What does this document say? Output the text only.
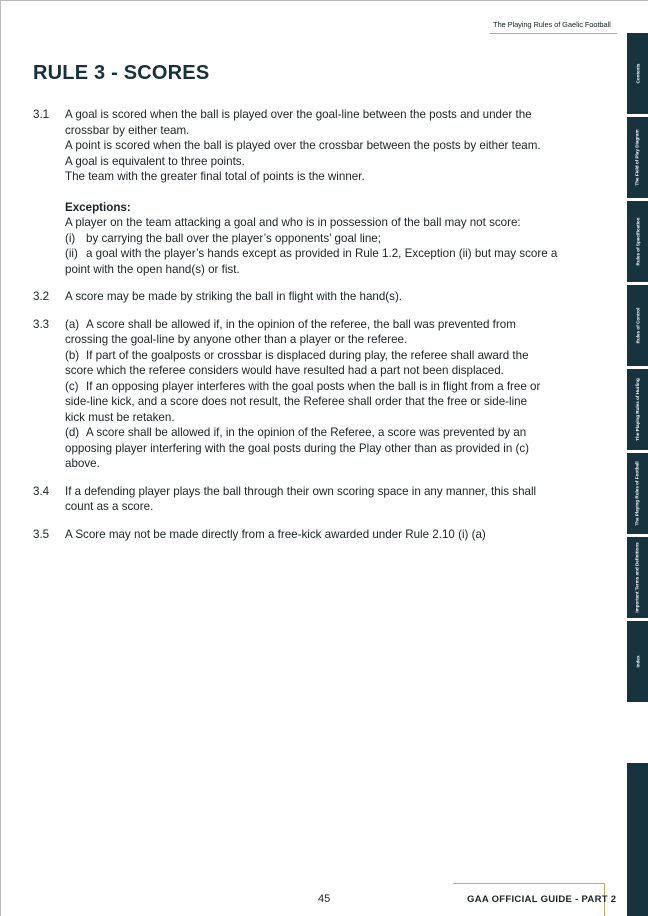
The Playing Rules of Gaelic Football
RULE 3 - SCORES
3.1 A goal is scored when the ball is played over the goal-line between the posts and under the
crossbar by either team.
A point is scored when the ball is played over the crossbar between the posts by either team.
A goal is equivalent to three points.
The team with the greater final total of points is the winner.
Exceptions:
A player on the team attacking a goal and who is in possession of the ball may not score:
(i) by carrying the ball over the player’s opponents’ goal line;
(ii) a goal with the player’s hands except as provided in Rule 1.2, Exception (ii) but may score a
point with the open hand(s) or fist.
3.2 A score may be made by striking the ball in flight with the hand(s).
3.3 (a) A score shall be allowed if, in the opinion of the referee, the ball was prevented from
crossing the goal-line by anyone other than a player or the referee.
(b) If part of the goalposts or crossbar is displaced during play, the referee shall award the
score which the referee considers would have resulted had a part not been displaced.
(c) If an opposing player interferes with the goal posts when the ball is in flight from a free or
side-line kick, and a score does not result, the Referee shall order that the free or side-line
kick must be retaken.
(d) A score shall be allowed if, in the opinion of the Referee, a score was prevented by an
opposing player interfering with the goal posts during the Play other than as provided in (c)
above.
3.4 If a defending player plays the ball through their own scoring space in any manner, this shall
count as a score.
3.5 A Score may not be made directly from a free-kick awarded under Rule 2.10 (i) (a)
Contents
The Field of Play Diagram
Rules of Specification
Rules of Control
The Playing Rules of Hurling
The Playing Rules of Football
Important Terms and Definitions
Index
45	GAA OFFICIAL GUIDE - PART 2
